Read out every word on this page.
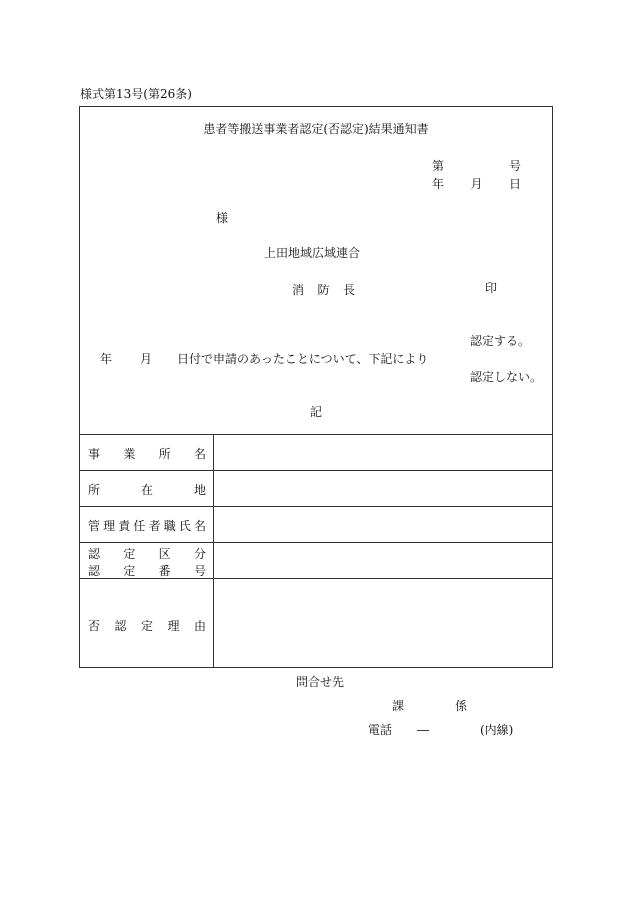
様式第13号(第26条)
患者等搬送事業者認定(否認定)結果通知書
第	号
年 月 日
様
上田地域広域連合
消 防 長	印
認定する。
年 月 日付で申請のあったことについて、下記により
認定しない。
記
事 業 所 名
所	在	地
管 理 責 任 者 職 氏 名
認 定 区 分
認 定 番 号
否 認 定 理 由
問合せ先
課	係
電話 ―	(内線)
